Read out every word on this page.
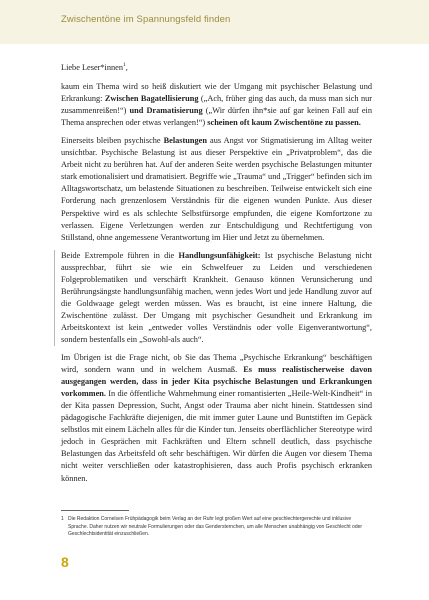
Zwischentöne im Spannungsfeld finden

Liebe Leser*innen$^1$,

kaum ein Thema wird so heiß diskutiert wie der Umgang mit psychischer Belastung und Erkrankung: Zwischen Bagatellisierung („Ach, früher ging das auch, da muss man sich nur zusammenreißen!“) und Dramatisierung („Wir dürfen ihn*sie auf gar keinen Fall auf ein Thema ansprechen oder etwas verlangen!“) scheinen oft kaum Zwischentöne zu passen.

Einerseits bleiben psychische Belastungen aus Angst vor Stigmatisierung im Alltag weiter unsichtbar. Psychische Belastung ist aus dieser Perspektive ein „Privatproblem“, das die Arbeit nicht zu berühren hat. Auf der anderen Seite werden psychische Belastungen mitunter stark emotionalisiert und dramatisiert. Begriffe wie „Trauma“ und „Trigger“ befinden sich im Alltagswortschatz, um belastende Situationen zu beschreiben. Teilweise entwickelt sich eine Forderung nach grenzenlosem Verständnis für die eigenen wunden Punkte. Aus dieser Perspektive wird es als schlechte Selbstfürsorge empfunden, die eigene Komfortzone zu verlassen. Eigene Verletzungen werden zur Entschuldigung und Rechtfertigung von Stillstand, ohne angemessene Verantwortung im Hier und Jetzt zu übernehmen.

Beide Extrempole führen in die Handlungsunfähigkeit: Ist psychische Belastung nicht aussprechbar, führt sie wie ein Schwelfeuer zu Leiden und verschiedenen Folgeproblematiken und verschärft Krankheit. Genauso können Verunsicherung und Berührungsängste handlungsunfähig machen, wenn jedes Wort und jede Handlung zuvor auf die Goldwaage gelegt werden müssen. Was es braucht, ist eine innere Haltung, die Zwischentöne zulässt. Der Umgang mit psychischer Gesundheit und Erkrankung im Arbeitskontext ist kein „entweder volles Verständnis oder volle Eigenverantwortung“, sondern bestenfalls ein „Sowohl-als auch“.

Im Übrigen ist die Frage nicht, ob Sie das Thema „Psychische Erkrankung“ beschäftigen wird, sondern wann und in welchem Ausmaß. Es muss realistischerweise davon ausgegangen werden, dass in jeder Kita psychische Belastungen und Erkrankungen vorkommen. In die öffentliche Wahrnehmung einer romantisierten „Heile-Welt-Kindheit“ in der Kita passen Depression, Sucht, Angst oder Trauma aber nicht hinein. Stattdessen sind pädagogische Fachkräfte diejenigen, die mit immer guter Laune und Buntstiften im Gepäck selbstlos mit einem Lächeln alles für die Kinder tun. Jenseits oberflächlicher Stereotype wird jedoch in Gesprächen mit Fachkräften und Eltern schnell deutlich, dass psychische Belastungen das Arbeitsfeld oft sehr beschäftigen. Wir dürfen die Augen vor diesem Thema nicht weiter verschließen oder katastrophisieren, dass auch Profis psychisch erkranken können.

1 Die Redaktion Cornelsen Frühpädagogik beim Verlag an der Ruhr legt großen Wert auf eine geschlechtergerechte und inklusive Sprache. Daher nutzen wir neutrale Formulierungen oder das Gendersternchen, um alle Menschen unabhängig von Geschlecht oder Geschlechtsidentität einzuschließen.
8
